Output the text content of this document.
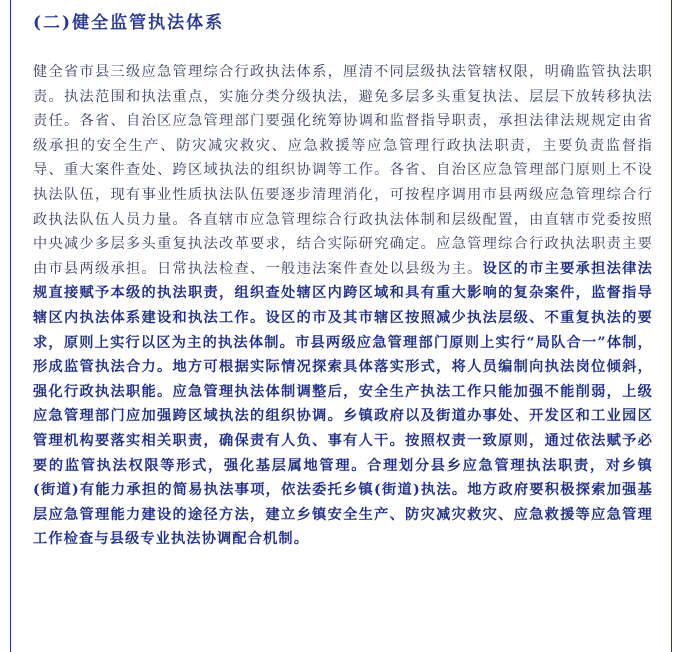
(二)健全监管执法体系

健全省市县三级应急管理综合行政执法体系，厘清不同层级执法管辖权限，明确监管执法职责。执法范围和执法重点，实施分类分级执法，避免多层多头重复执法、层层下放转移执法责任。各省、自治区应急管理部门要强化统筹协调和监督指导职责，承担法律法规规定由省级承担的安全生产、防灾减灾救灾、应急救援等应急管理行政执法职责，主要负责监督指导、重大案件查处、跨区域执法的组织协调等工作。各省、自治区应急管理部门原则上不设执法队伍，现有事业性质执法队伍要逐步清理消化，可按程序调用市县两级应急管理综合行政执法队伍人员力量。各直辖市应急管理综合行政执法体制和层级配置，由直辖市党委按照中央减少多层多头重复执法改革要求，结合实际研究确定。应急管理综合行政执法职责主要由市县两级承担。日常执法检查、一般违法案件查处以县级为主。设区的市主要承担法律法规直接赋予本级的执法职责，组织查处辖区内跨区域和具有重大影响的复杂案件，监督指导辖区内执法体系建设和执法工作。设区的市及其市辖区按照减少执法层级、不重复执法的要求，原则上实行以区为主的执法体制。市县两级应急管理部门原则上实行“局队合一”体制，形成监管执法合力。地方可根据实际情况探索具体落实形式，将人员编制向执法岗位倾斜，强化行政执法职能。应急管理执法体制调整后，安全生产执法工作只能加强不能削弱，上级应急管理部门应加强跨区域执法的组织协调。乡镇政府以及街道办事处、开发区和工业园区管理机构要落实相关职责，确保责有人负、事有人干。按照权责一致原则，通过依法赋予必要的监管执法权限等形式，强化基层属地管理。合理划分县乡应急管理执法职责，对乡镇(街道)有能力承担的简易执法事项，依法委托乡镇(街道)执法。地方政府要积极探索加强基层应急管理能力建设的途径方法，建立乡镇安全生产、防灾减灾救灾、应急救援等应急管理工作检查与县级专业执法协调配合机制。
